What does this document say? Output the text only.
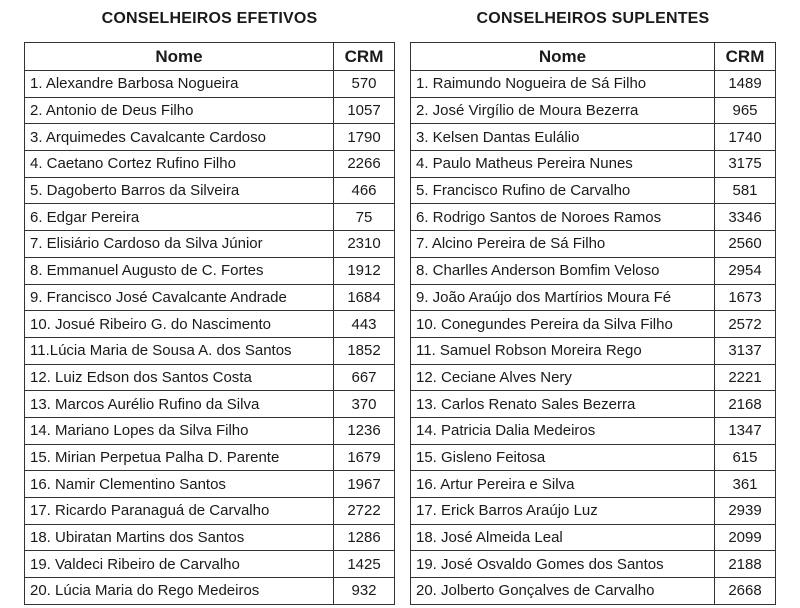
CONSELHEIROS EFETIVOS
Nome	CRM
1. Alexandre Barbosa Nogueira	570
2. Antonio de Deus Filho	1057
3. Arquimedes Cavalcante Cardoso	1790
4. Caetano Cortez Rufino Filho	2266
5. Dagoberto Barros da Silveira	466
6. Edgar Pereira	75
7. Elisiário Cardoso da Silva Júnior	2310
8. Emmanuel Augusto de C. Fortes	1912
9. Francisco José Cavalcante Andrade	1684
10. Josué Ribeiro G. do Nascimento	443
11.Lúcia Maria de Sousa A. dos Santos	1852
12. Luiz Edson dos Santos Costa	667
13. Marcos Aurélio Rufino da Silva	370
14. Mariano Lopes da Silva Filho	1236
15. Mirian Perpetua Palha D. Parente	1679
16. Namir Clementino Santos	1967
17. Ricardo Paranaguá de Carvalho	2722
18. Ubiratan Martins dos Santos	1286
19. Valdeci Ribeiro de Carvalho	1425
20. Lúcia Maria do Rego Medeiros	932
CONSELHEIROS SUPLENTES
Nome	CRM
1. Raimundo Nogueira de Sá Filho	1489
2. José Virgílio de Moura Bezerra	965
3. Kelsen Dantas Eulálio	1740
4. Paulo Matheus Pereira Nunes	3175
5. Francisco Rufino de Carvalho	581
6. Rodrigo Santos de Noroes Ramos	3346
7. Alcino Pereira de Sá Filho	2560
8. Charlles Anderson Bomfim Veloso	2954
9. João Araújo dos Martírios Moura Fé	1673
10. Conegundes Pereira da Silva Filho	2572
11. Samuel Robson Moreira Rego	3137
12. Ceciane Alves Nery	2221
13. Carlos Renato Sales Bezerra	2168
14. Patricia Dalia Medeiros	1347
15. Gisleno Feitosa	615
16. Artur Pereira e Silva	361
17. Erick Barros Araújo Luz	2939
18. José Almeida Leal	2099
19. José Osvaldo Gomes dos Santos	2188
20. Jolberto Gonçalves de Carvalho	2668
